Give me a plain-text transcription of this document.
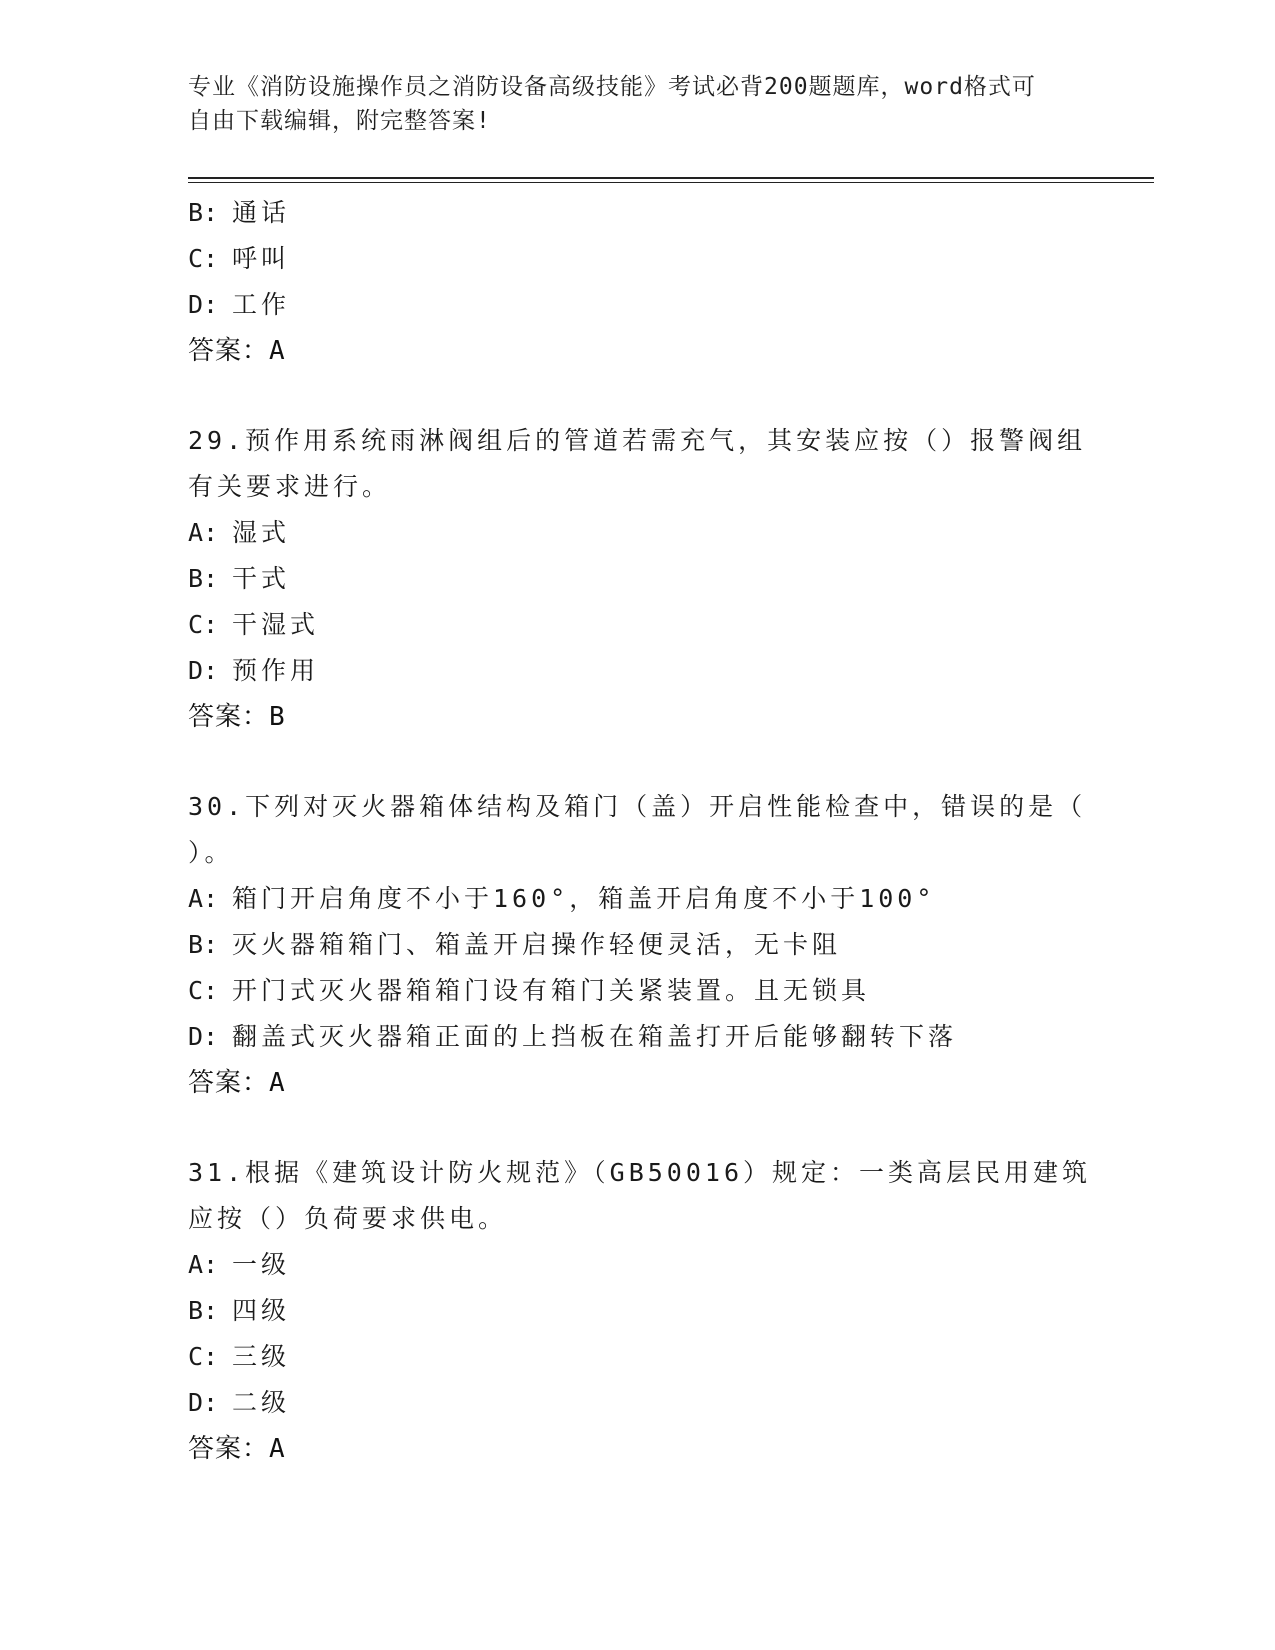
专业《消防设施操作员之消防设备高级技能》考试必背200题题库，word格式可
自由下载编辑，附完整答案!
B: 通话
C: 呼叫
D: 工作
答案：A
29.预作用系统雨淋阀组后的管道若需充气，其安装应按（）报警阀组
有关要求进行。
A: 湿式
B: 干式
C: 干湿式
D: 预作用
答案：B
30.下列对灭火器箱体结构及箱门（盖）开启性能检查中，错误的是（
）。
A: 箱门开启角度不小于160°，箱盖开启角度不小于100°
B: 灭火器箱箱门、箱盖开启操作轻便灵活，无卡阻
C: 开门式灭火器箱箱门设有箱门关紧装置。且无锁具
D: 翻盖式灭火器箱正面的上挡板在箱盖打开后能够翻转下落
答案：A
31.根据《建筑设计防火规范》（GB50016）规定：一类高层民用建筑
应按（）负荷要求供电。
A: 一级
B: 四级
C: 三级
D: 二级
答案：A
